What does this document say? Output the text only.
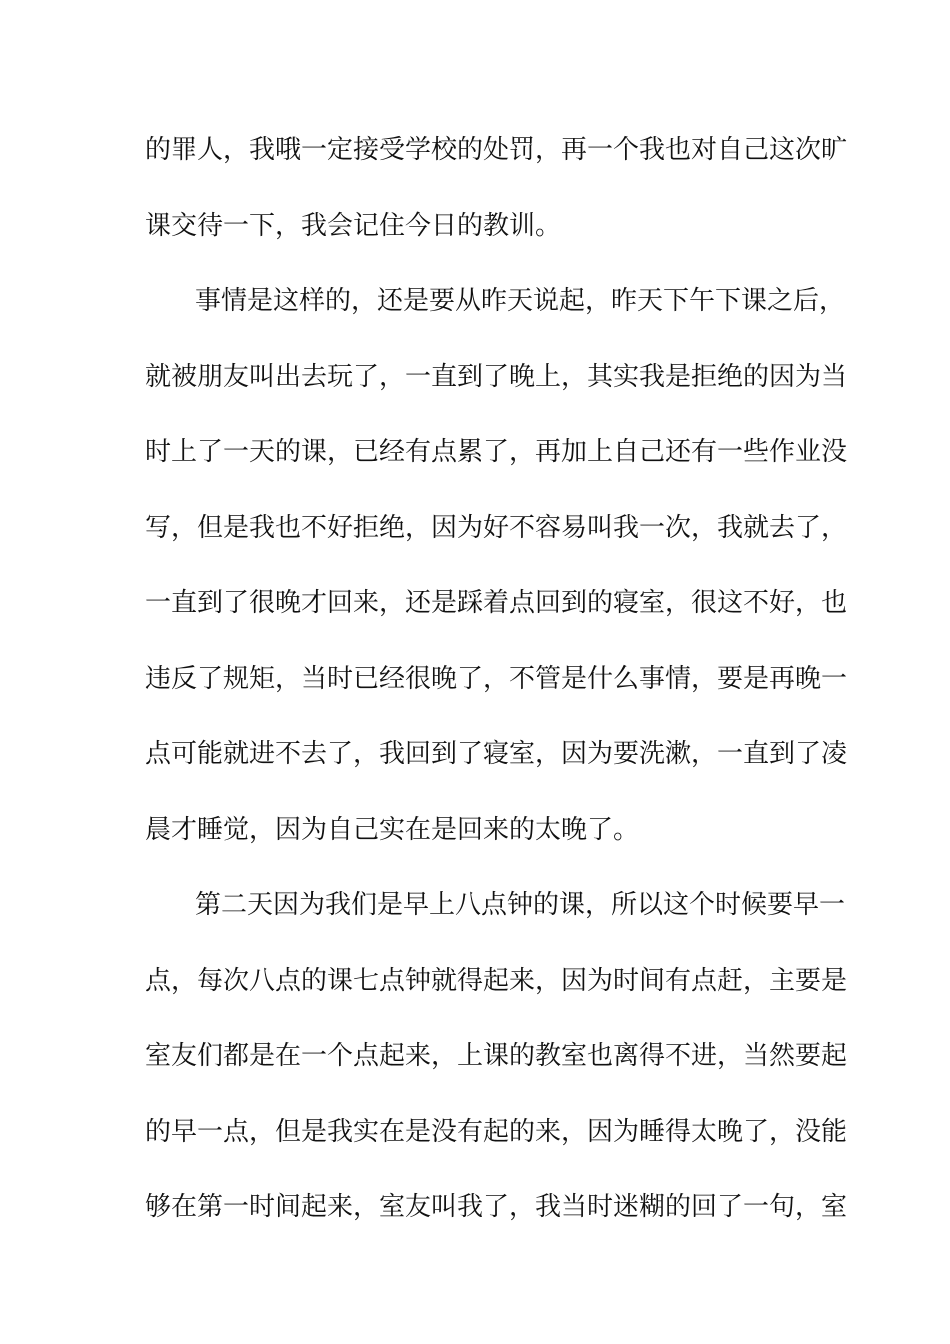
的罪人，我哦一定接受学校的处罚，再一个我也对自己这次旷
课交待一下，我会记住今日的教训。
事情是这样的，还是要从昨天说起，昨天下午下课之后，
就被朋友叫出去玩了，一直到了晚上，其实我是拒绝的因为当
时上了一天的课，已经有点累了，再加上自己还有一些作业没
写，但是我也不好拒绝，因为好不容易叫我一次，我就去了，
一直到了很晚才回来，还是踩着点回到的寝室，很这不好，也
违反了规矩，当时已经很晚了，不管是什么事情，要是再晚一
点可能就进不去了，我回到了寝室，因为要洗漱，一直到了凌
晨才睡觉，因为自己实在是回来的太晚了。
第二天因为我们是早上八点钟的课，所以这个时候要早一
点，每次八点的课七点钟就得起来，因为时间有点赶，主要是
室友们都是在一个点起来，上课的教室也离得不进，当然要起
的早一点，但是我实在是没有起的来，因为睡得太晚了，没能
够在第一时间起来，室友叫我了，我当时迷糊的回了一句，室
